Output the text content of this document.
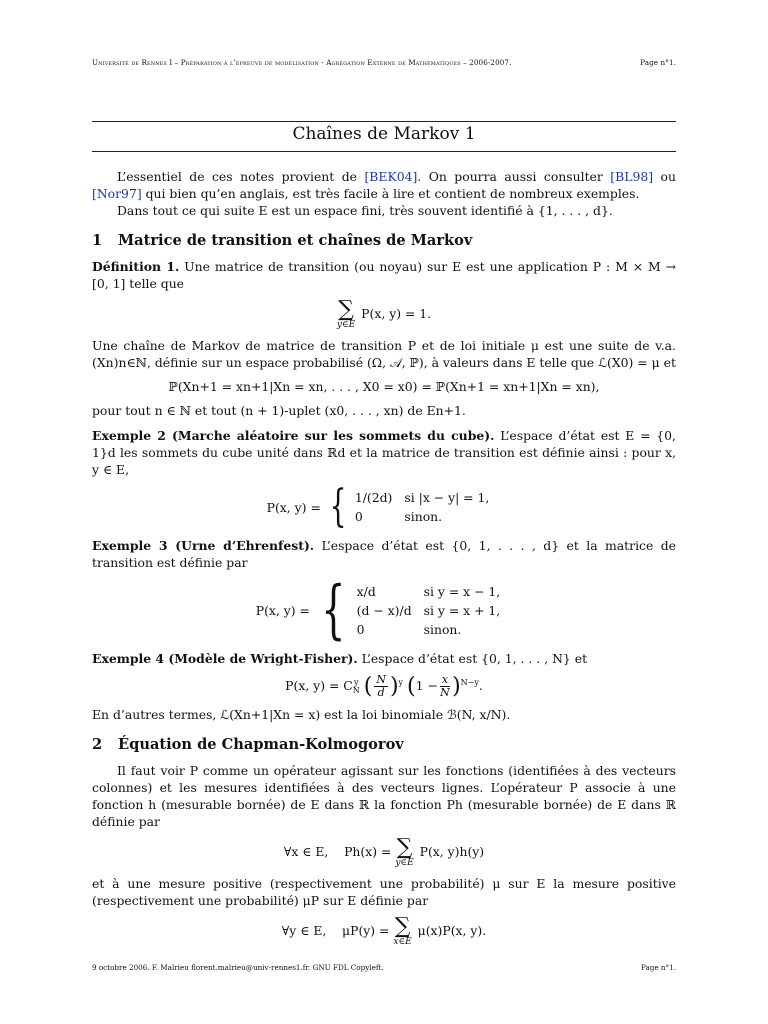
Université de Rennes I – Préparation à l’épreuve de modélisation - Agrégation Externe de Mathématiques – 2006-2007.	Page n°1.
Chaînes de Markov 1

L’essentiel de ces notes provient de [BEK04]. On pourra aussi consulter [BL98] ou [Nor97] qui bien qu’en anglais, est très facile à lire et contient de nombreux exemples.

Dans tout ce qui suite E est un espace fini, très souvent identifié à {1, . . . , d}.

1 Matrice de transition et chaînes de Markov

Définition 1. Une matrice de transition (ou noyau) sur E est une application P : M × M → [0, 1] telle que

∑
y∈E
P(x, y) = 1.

Une chaîne de Markov de matrice de transition P et de loi initiale μ est une suite de v.a. (Xn)n∈ℕ, définie sur un espace probabilisé (Ω, 𝒜, ℙ), à valeurs dans E telle que ℒ(X0) = μ et

ℙ(Xn+1 = xn+1|Xn = xn, . . . , X0 = x0) = ℙ(Xn+1 = xn+1|Xn = xn),

pour tout n ∈ ℕ et tout (n + 1)-uplet (x0, . . . , xn) de En+1.

Exemple 2 (Marche aléatoire sur les sommets du cube). L’espace d’état est E = {0, 1}d les sommets du cube unité dans ℝd et la matrice de transition est définie ainsi : pour x, y ∈ E,

P(x, y) = { 1/(2d)	si |x − y| = 1,
0	sinon.

Exemple 3 (Urne d’Ehrenfest). L’espace d’état est {0, 1, . . . , d} et la matrice de transition est définie par

P(x, y) = { x/d	si y = x − 1,
(d − x)/d	si y = x + 1,
0	sinon.

Exemple 4 (Modèle de Wright-Fisher). L’espace d’état est {0, 1, . . . , N} et

P(x, y) = C y
N ( $\frac{N}{d} )^y$ $(1 - \frac{x}{N} )^{N-y}$.

En d’autres termes, ℒ(Xn+1|Xn = x) est la loi binomiale ℬ(N, x/N).

2 Équation de Chapman-Kolmogorov

Il faut voir P comme un opérateur agissant sur les fonctions (identifiées à des vecteurs colonnes) et les mesures identifiées à des vecteurs lignes. L’opérateur P associe à une fonction h (mesurable bornée) de E dans ℝ la fonction Ph (mesurable bornée) de E dans ℝ définie par

∀x ∈ E,    Ph(x) = ∑
y∈E
P(x, y)h(y)

et à une mesure positive (respectivement une probabilité) μ sur E la mesure positive (respectivement une probabilité) μP sur E définie par

∀y ∈ E,    μP(y) = ∑
x∈E
μ(x)P(x, y).
9 octobre 2006. F. Malrieu florent.malrieu@univ-rennes1.fr. GNU FDL Copyleft.	Page n°1.
